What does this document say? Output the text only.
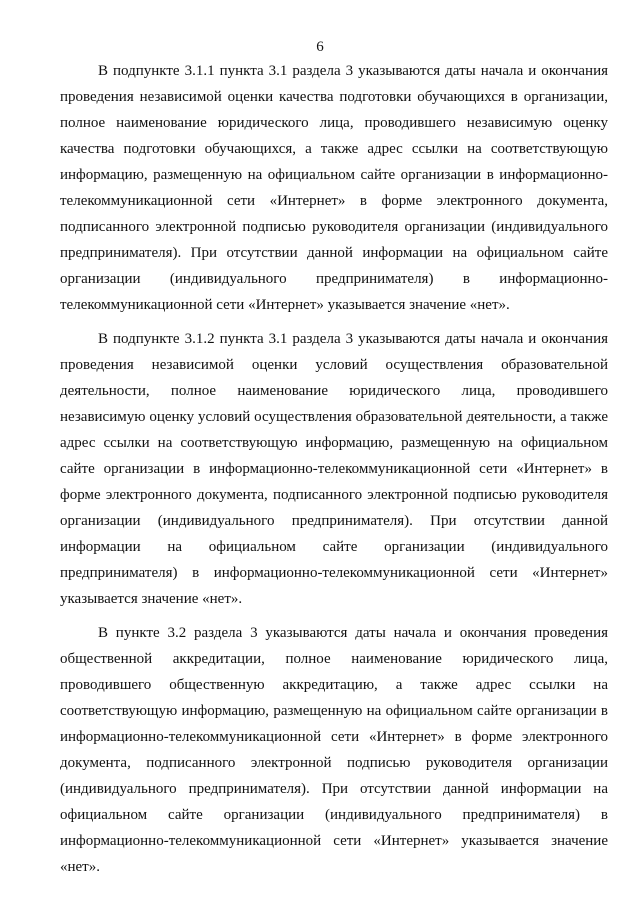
6

В подпункте 3.1.1 пункта 3.1 раздела 3 указываются даты начала и окончания проведения независимой оценки качества подготовки обучающихся в организации, полное наименование юридического лица, проводившего независимую оценку качества подготовки обучающихся, а также адрес ссылки на соответствующую информацию, размещенную на официальном сайте организации в информационно-телекоммуникационной сети «Интернет» в форме электронного документа, подписанного электронной подписью руководителя организации (индивидуального предпринимателя). При отсутствии данной информации на официальном сайте организации (индивидуального предпринимателя) в информационно-телекоммуникационной сети «Интернет» указывается значение «нет».

В подпункте 3.1.2 пункта 3.1 раздела 3 указываются даты начала и окончания проведения независимой оценки условий осуществления образовательной деятельности, полное наименование юридического лица, проводившего независимую оценку условий осуществления образовательной деятельности, а также адрес ссылки на соответствующую информацию, размещенную на официальном сайте организации в информационно-телекоммуникационной сети «Интернет» в форме электронного документа, подписанного электронной подписью руководителя организации (индивидуального предпринимателя). При отсутствии данной информации на официальном сайте организации (индивидуального предпринимателя) в информационно-телекоммуникационной сети «Интернет» указывается значение «нет».

В пункте 3.2 раздела 3 указываются даты начала и окончания проведения общественной аккредитации, полное наименование юридического лица, проводившего общественную аккредитацию, а также адрес ссылки на соответствующую информацию, размещенную на официальном сайте организации в информационно-телекоммуникационной сети «Интернет» в форме электронного документа, подписанного электронной подписью руководителя организации (индивидуального предпринимателя). При отсутствии данной информации на официальном сайте организации (индивидуального предпринимателя) в информационно-телекоммуникационной сети «Интернет» указывается значение «нет».
